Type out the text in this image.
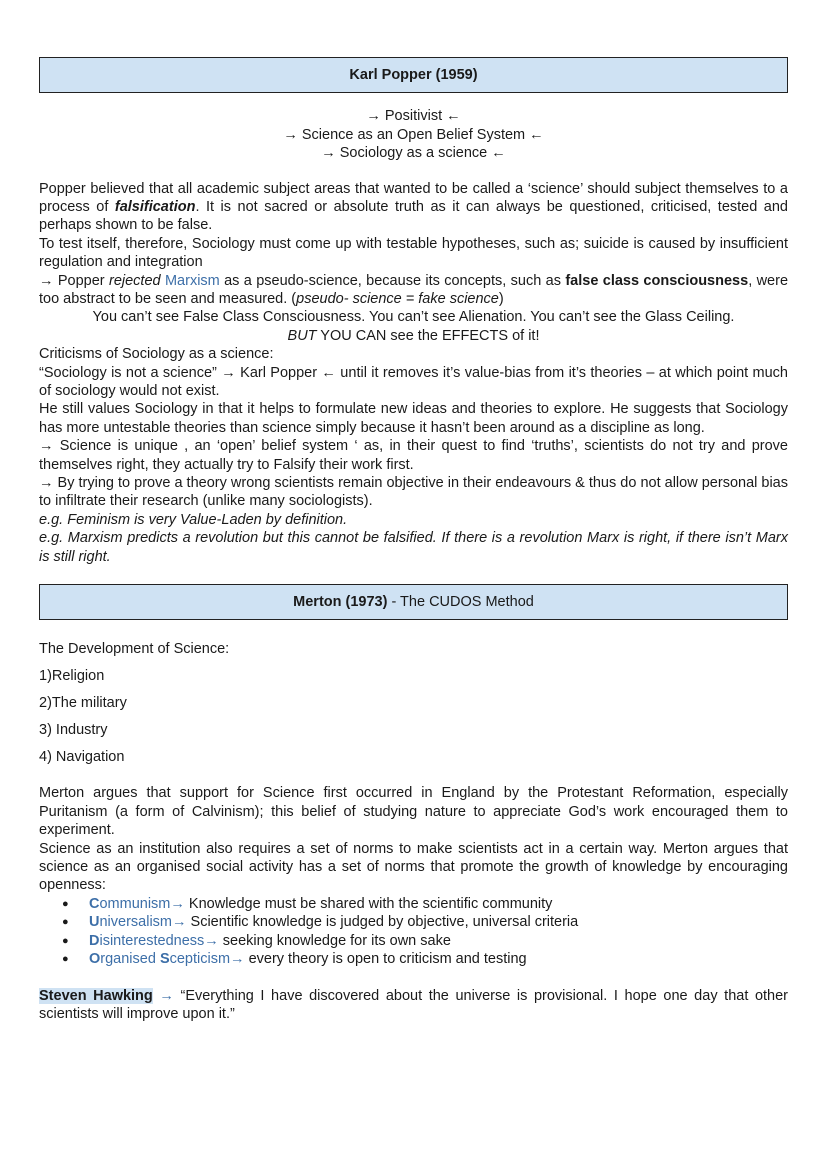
Karl Popper (1959)
→ Positivist ←
→ Science as an Open Belief System ←
→ Sociology as a science ←

Popper believed that all academic subject areas that wanted to be called a ‘science’ should subject themselves to a process of falsification. It is not sacred or absolute truth as it can always be questioned, criticised, tested and perhaps shown to be false.

To test itself, therefore, Sociology must come up with testable hypotheses, such as; suicide is caused by insufficient regulation and integration

→ Popper rejected Marxism as a pseudo-science, because its concepts, such as false class consciousness, were too abstract to be seen and measured. (pseudo- science = fake science)

You can’t see False Class Consciousness. You can’t see Alienation. You can’t see the Glass Ceiling.

BUT YOU CAN see the EFFECTS of it!

Criticisms of Sociology as a science:

“Sociology is not a science” → Karl Popper ← until it removes it’s value-bias from it’s theories – at which point much of sociology would not exist.

He still values Sociology in that it helps to formulate new ideas and theories to explore. He suggests that Sociology has more untestable theories than science simply because it hasn’t been around as a discipline as long.

→ Science is unique , an ‘open’ belief system ‘ as, in their quest to find ‘truths’, scientists do not try and prove themselves right, they actually try to Falsify their work first.

→ By trying to prove a theory wrong scientists remain objective in their endeavours & thus do not allow personal bias to infiltrate their research (unlike many sociologists).

e.g. Feminism is very Value-Laden by definition.

e.g. Marxism predicts a revolution but this cannot be falsified. If there is a revolution Marx is right, if there isn’t Marx is still right.

Merton (1973) - The CUDOS Method

The Development of Science:

1)Religion

2)The military

3) Industry

4) Navigation

Merton argues that support for Science first occurred in England by the Protestant Reformation, especially Puritanism (a form of Calvinism); this belief of studying nature to appreciate God’s work encouraged them to experiment.

Science as an institution also requires a set of norms to make scientists act in a certain way. Merton argues that science as an organised social activity has a set of norms that promote the growth of knowledge by encouraging openness:

● Communism→ Knowledge must be shared with the scientific community
● Universalism→ Scientific knowledge is judged by objective, universal criteria
● Disinterestedness→ seeking knowledge for its own sake
● Organised Scepticism→ every theory is open to criticism and testing

Steven Hawking → “Everything I have discovered about the universe is provisional. I hope one day that other scientists will improve upon it.”
